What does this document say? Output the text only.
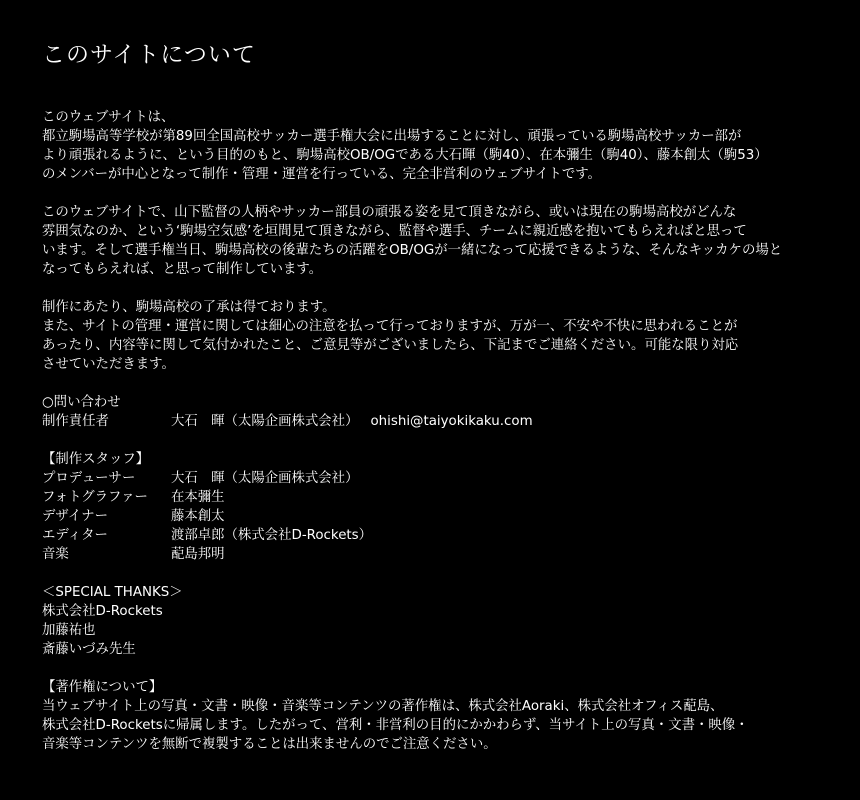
このサイトについて
このウェブサイトは、
都立駒場高等学校が第89回全国高校サッカー選手権大会に出場することに対し、頑張っている駒場高校サッカー部が
より頑張れるように、という目的のもと、駒場高校OB/OGである大石暉（駒40）、在本彌生（駒40）、藤本創太（駒53）
のメンバーが中心となって制作・管理・運営を行っている、完全非営利のウェブサイトです。
このウェブサイトで、山下監督の人柄やサッカー部員の頑張る姿を見て頂きながら、或いは現在の駒場高校がどんな
雰囲気なのか、という‘駒場空気感’を垣間見て頂きながら、監督や選手、チームに親近感を抱いてもらえればと思って
います。そして選手権当日、駒場高校の後輩たちの活躍をOB/OGが一緒になって応援できるような、そんなキッカケの場と
なってもらえれば、と思って制作しています。
制作にあたり、駒場高校の了承は得ております。
また、サイトの管理・運営に関しては細心の注意を払って行っておりますが、万が一、不安や不快に思われることが
あったり、内容等に関して気付かれたこと、ご意見等がございましたら、下記までご連絡ください。可能な限り対応
させていただきます。
○問い合わせ
制作責任者	大石　暉（太陽企画株式会社） ohishi@taiyokikaku.com
【制作スタッフ】
プロデューサー	大石　暉（太陽企画株式会社）
フォトグラファー	在本彌生
デザイナー	藤本創太
エディター	渡部卓郎（株式会社D-Rockets）
音楽	蓜島邦明
＜SPECIAL THANKS＞
株式会社D-Rockets
加藤祐也
斎藤いづみ先生
【著作権について】
当ウェブサイト上の写真・文書・映像・音楽等コンテンツの著作権は、株式会社Aoraki、株式会社オフィス蓜島、
株式会社D-Rocketsに帰属します。したがって、営利・非営利の目的にかかわらず、当サイト上の写真・文書・映像・
音楽等コンテンツを無断で複製することは出来ませんのでご注意ください。
